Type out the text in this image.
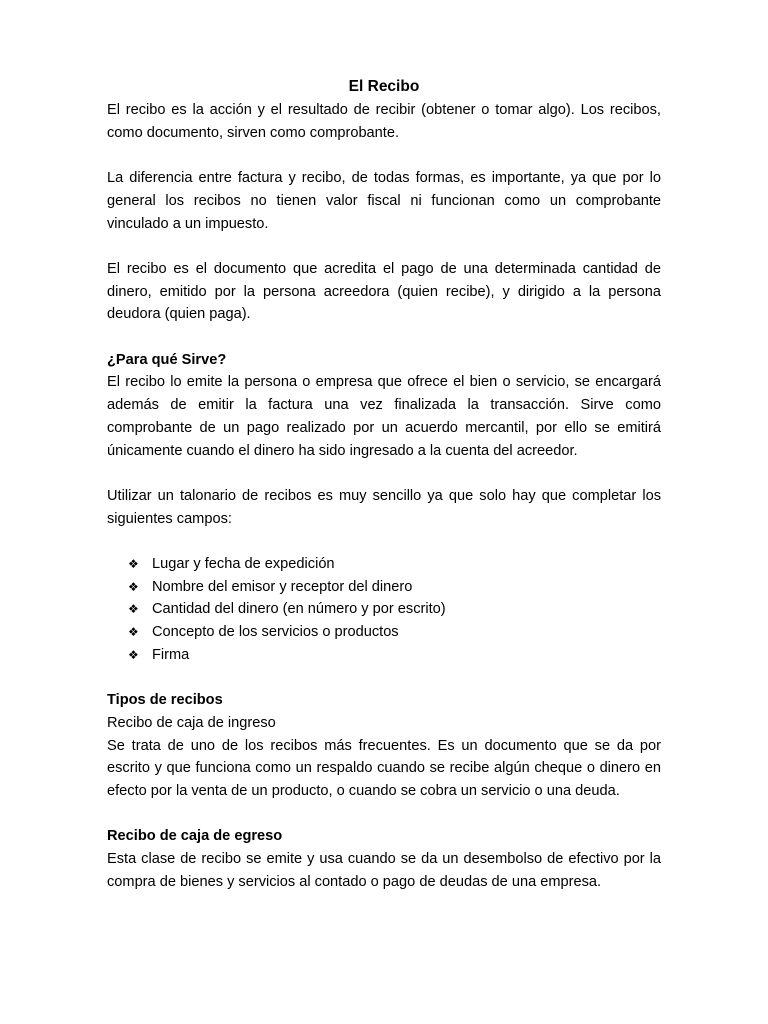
El Recibo

El recibo es la acción y el resultado de recibir (obtener o tomar algo). Los recibos, como documento, sirven como comprobante.

La diferencia entre factura y recibo, de todas formas, es importante, ya que por lo general los recibos no tienen valor fiscal ni funcionan como un comprobante vinculado a un impuesto.

El recibo es el documento que acredita el pago de una determinada cantidad de dinero, emitido por la persona acreedora (quien recibe), y dirigido a la persona deudora (quien paga).

¿Para qué Sirve?

El recibo lo emite la persona o empresa que ofrece el bien o servicio, se encargará además de emitir la factura una vez finalizada la transacción. Sirve como comprobante de un pago realizado por un acuerdo mercantil, por ello se emitirá únicamente cuando el dinero ha sido ingresado a la cuenta del acreedor.

Utilizar un talonario de recibos es muy sencillo ya que solo hay que completar los siguientes campos:

❖ Lugar y fecha de expedición
❖ Nombre del emisor y receptor del dinero
❖ Cantidad del dinero (en número y por escrito)
❖ Concepto de los servicios o productos
❖ Firma
Tipos de recibos

Recibo de caja de ingreso

Se trata de uno de los recibos más frecuentes. Es un documento que se da por escrito y que funciona como un respaldo cuando se recibe algún cheque o dinero en efecto por la venta de un producto, o cuando se cobra un servicio o una deuda.

Recibo de caja de egreso

Esta clase de recibo se emite y usa cuando se da un desembolso de efectivo por la compra de bienes y servicios al contado o pago de deudas de una empresa.
